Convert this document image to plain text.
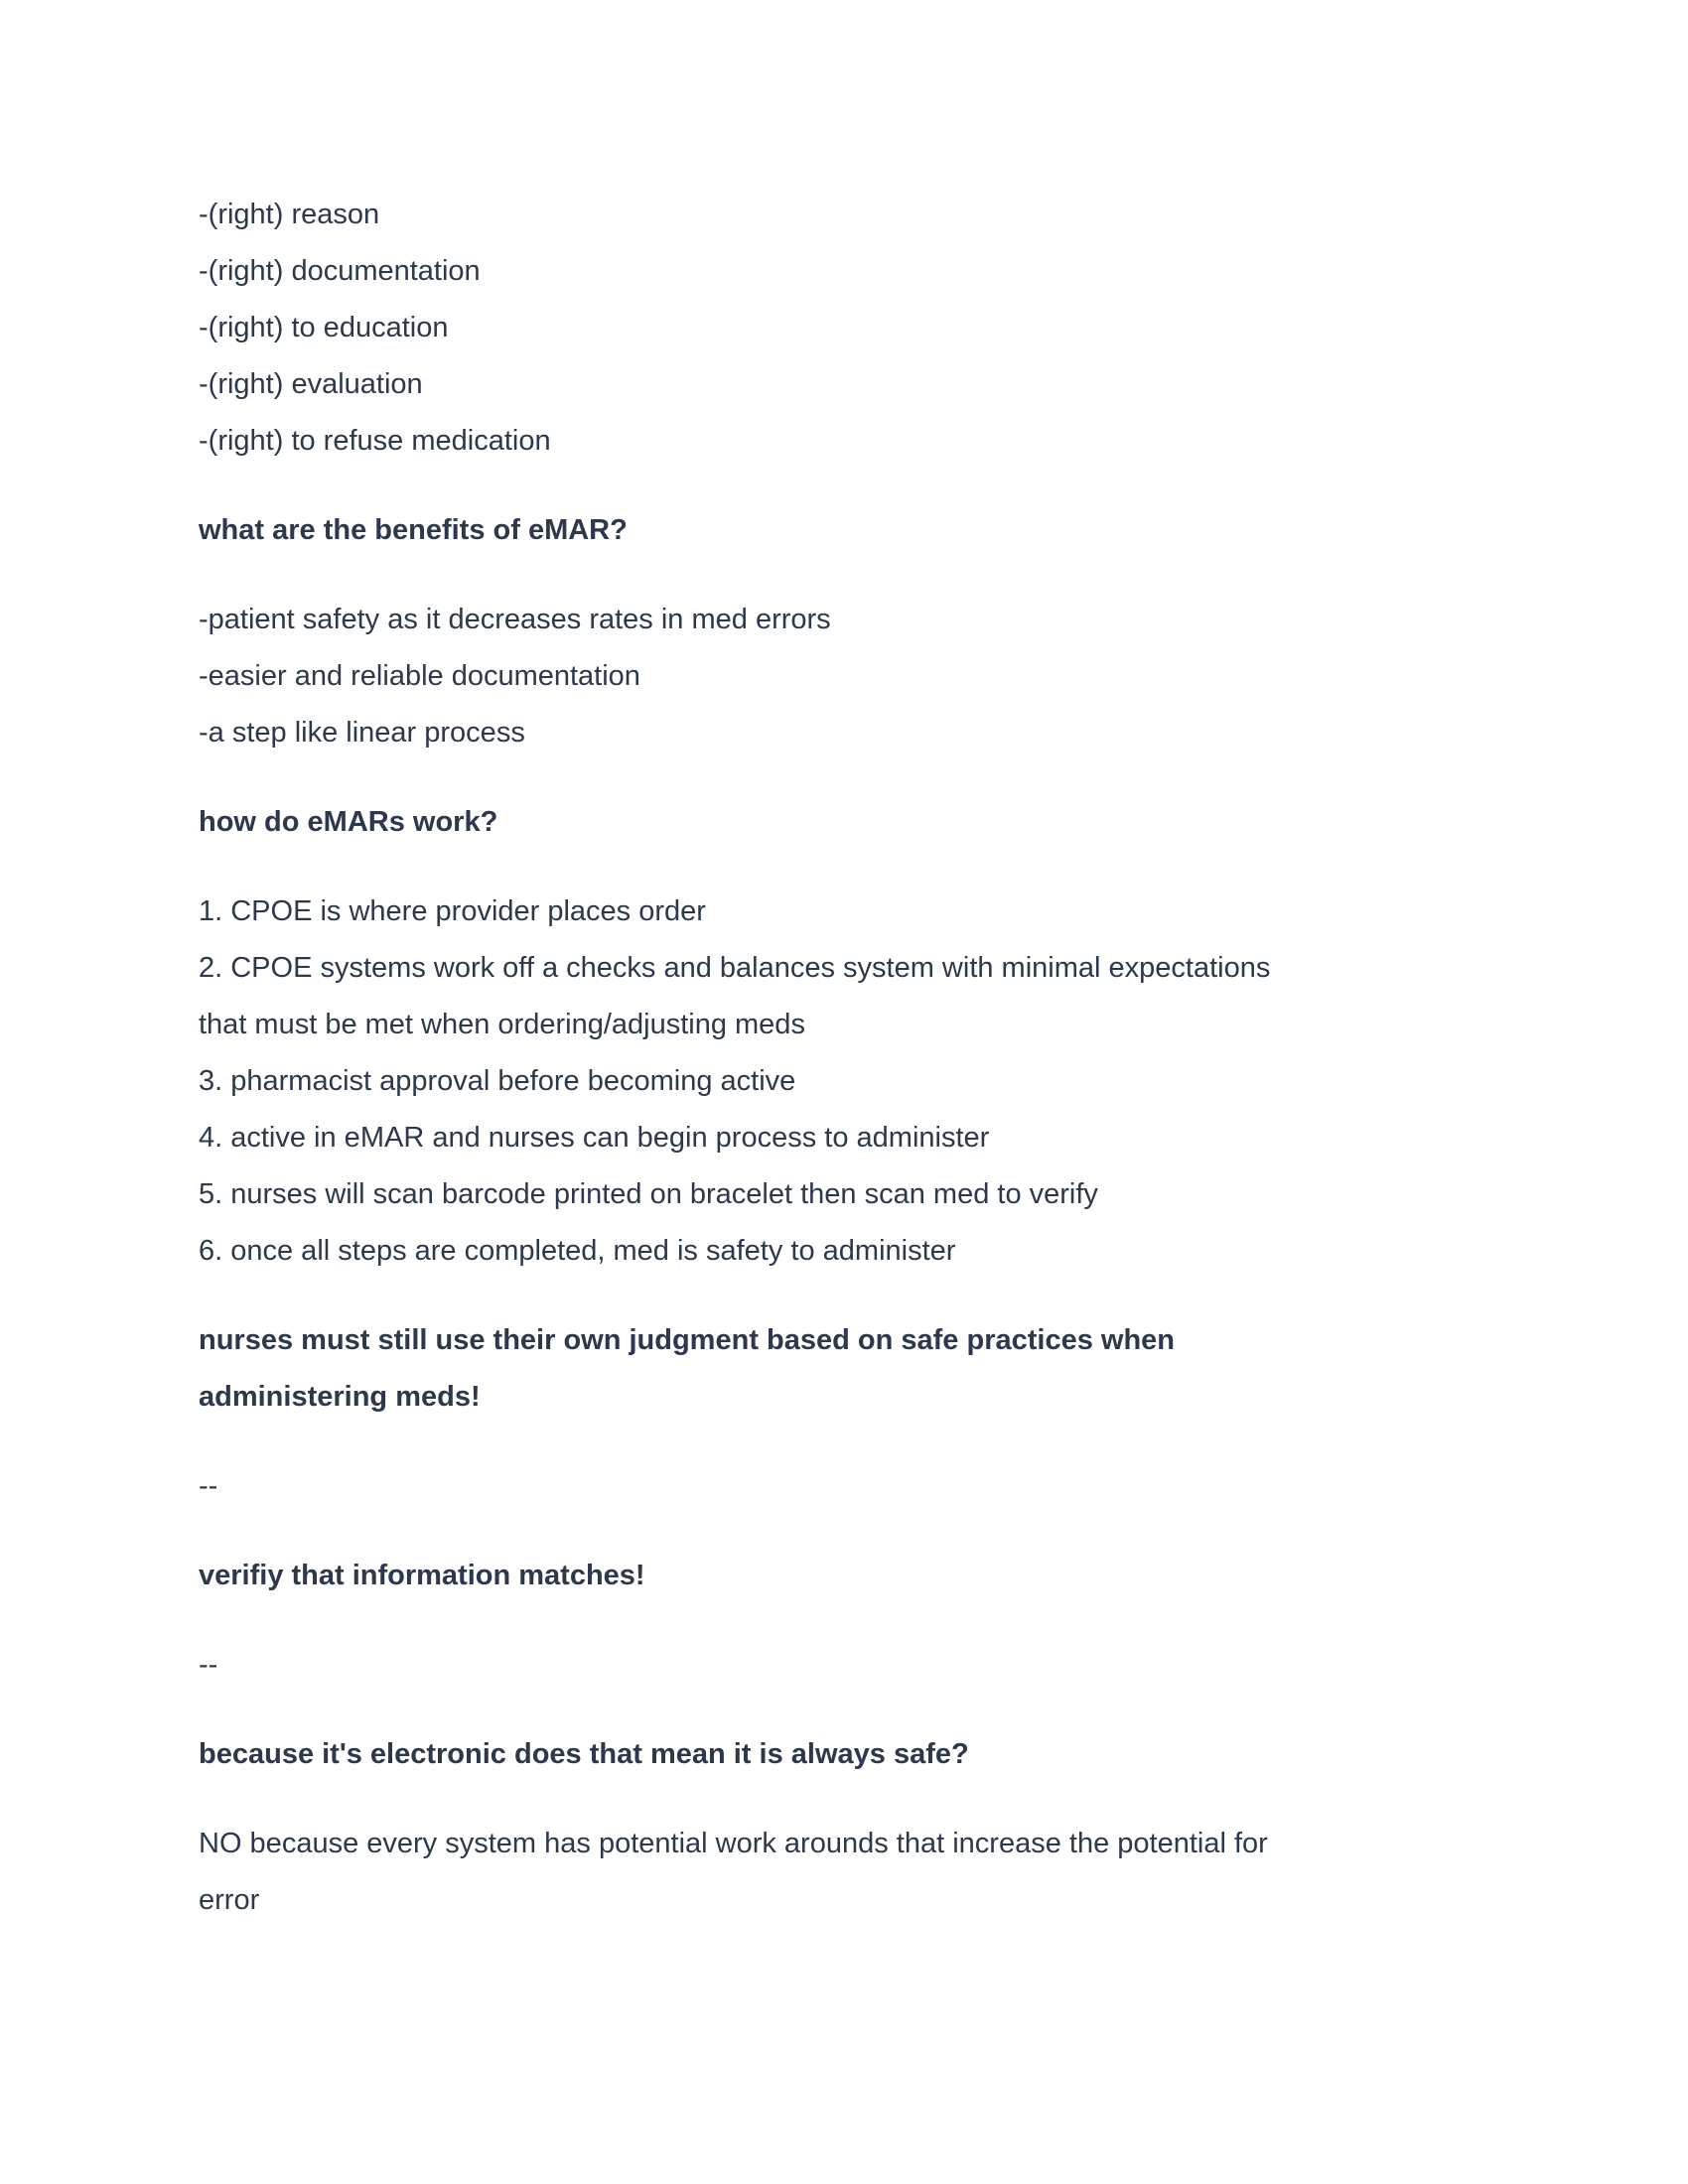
-(right) reason
-(right) documentation
-(right) to education
-(right) evaluation
-(right) to refuse medication
what are the benefits of eMAR?
-patient safety as it decreases rates in med errors
-easier and reliable documentation
-a step like linear process
how do eMARs work?
1. CPOE is where provider places order
2. CPOE systems work off a checks and balances system with minimal expectations
that must be met when ordering/adjusting meds
3. pharmacist approval before becoming active
4. active in eMAR and nurses can begin process to administer
5. nurses will scan barcode printed on bracelet then scan med to verify
6. once all steps are completed, med is safety to administer
nurses must still use their own judgment based on safe practices when
administering meds!
--
verifiy that information matches!
--
because it's electronic does that mean it is always safe?
NO because every system has potential work arounds that increase the potential for
error
